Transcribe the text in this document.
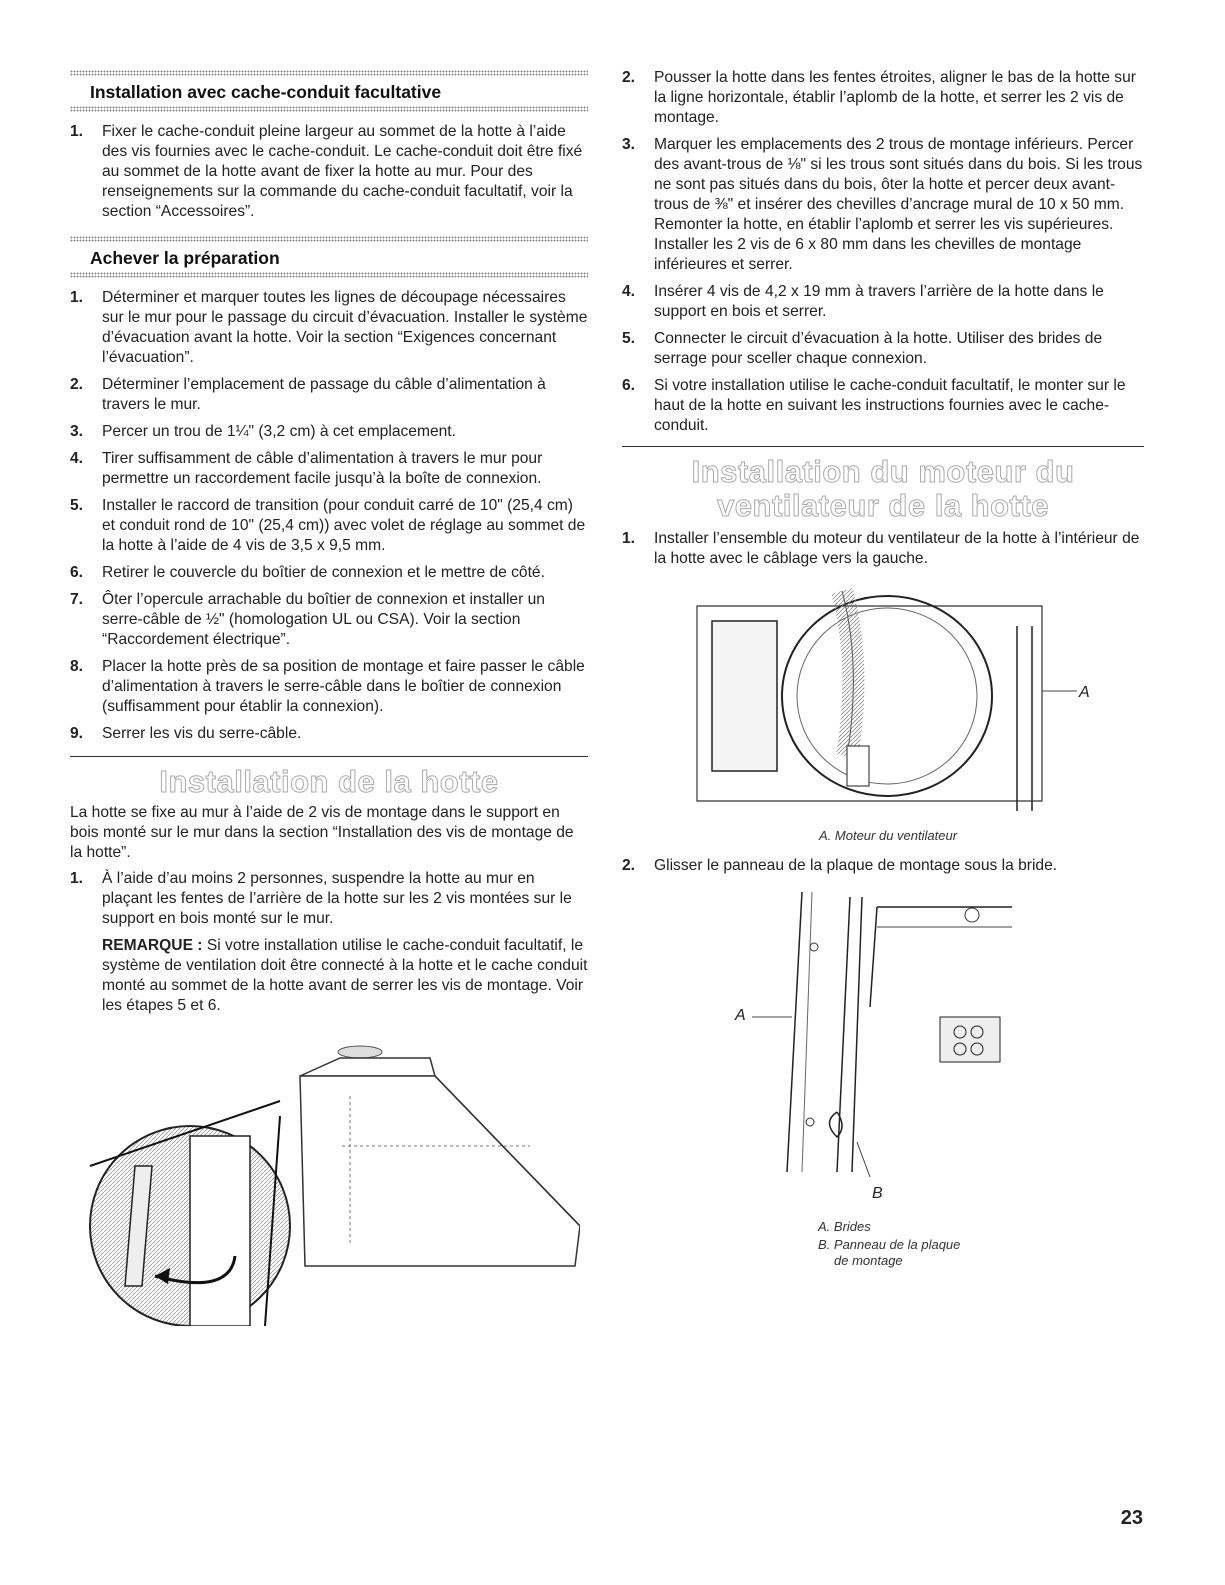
Installation avec cache-conduit facultative
1. Fixer le cache-conduit pleine largeur au sommet de la hotte à l’aide des vis fournies avec le cache-conduit. Le cache-conduit doit être fixé au sommet de la hotte avant de fixer la hotte au mur. Pour des renseignements sur la commande du cache-conduit facultatif, voir la section “Accessoires”.
Achever la préparation
1. Déterminer et marquer toutes les lignes de découpage nécessaires sur le mur pour le passage du circuit d’évacuation. Installer le système d’évacuation avant la hotte. Voir la section “Exigences concernant l’évacuation”.
2. Déterminer l’emplacement de passage du câble d’alimentation à travers le mur.
3. Percer un trou de 1¼" (3,2 cm) à cet emplacement.
4. Tirer suffisamment de câble d’alimentation à travers le mur pour permettre un raccordement facile jusqu’à la boîte de connexion.
5. Installer le raccord de transition (pour conduit carré de 10" (25,4 cm) et conduit rond de 10" (25,4 cm)) avec volet de réglage au sommet de la hotte à l’aide de 4 vis de 3,5 x 9,5 mm.
6. Retirer le couvercle du boîtier de connexion et le mettre de côté.
7. Ôter l’opercule arrachable du boîtier de connexion et installer un serre-câble de ½" (homologation UL ou CSA). Voir la section “Raccordement électrique”.
8. Placer la hotte près de sa position de montage et faire passer le câble d’alimentation à travers le serre-câble dans le boîtier de connexion (suffisamment pour établir la connexion).
9. Serrer les vis du serre-câble.
Installation de la hotte
La hotte se fixe au mur à l’aide de 2 vis de montage dans le support en bois monté sur le mur dans la section “Installation des vis de montage de la hotte”.
1. À l’aide d’au moins 2 personnes, suspendre la hotte au mur en plaçant les fentes de l’arrière de la hotte sur les 2 vis montées sur le support en bois monté sur le mur.
REMARQUE : Si votre installation utilise le cache-conduit facultatif, le système de ventilation doit être connecté à la hotte et le cache conduit monté au sommet de la hotte avant de serrer les vis de montage. Voir les étapes 5 et 6.
2. Pousser la hotte dans les fentes étroites, aligner le bas de la hotte sur la ligne horizontale, établir l’aplomb de la hotte, et serrer les 2 vis de montage.
3. Marquer les emplacements des 2 trous de montage inférieurs. Percer des avant-trous de ⅛" si les trous sont situés dans du bois. Si les trous ne sont pas situés dans du bois, ôter la hotte et percer deux avant-trous de ⅜" et insérer des chevilles d’ancrage mural de 10 x 50 mm. Remonter la hotte, en établir l’aplomb et serrer les vis supérieures. Installer les 2 vis de 6 x 80 mm dans les chevilles de montage inférieures et serrer.
4. Insérer 4 vis de 4,2 x 19 mm à travers l’arrière de la hotte dans le support en bois et serrer.
5. Connecter le circuit d’évacuation à la hotte. Utiliser des brides de serrage pour sceller chaque connexion.
6. Si votre installation utilise le cache-conduit facultatif, le monter sur le haut de la hotte en suivant les instructions fournies avec le cache-conduit.
Installation du moteur du ventilateur de la hotte
1. Installer l’ensemble du moteur du ventilateur de la hotte à l’intérieur de la hotte avec le câblage vers la gauche.
A
A. Moteur du ventilateur
2. Glisser le panneau de la plaque de montage sous la bride.
A
B
A. Brides
B. Panneau de la plaque
de montage
23
